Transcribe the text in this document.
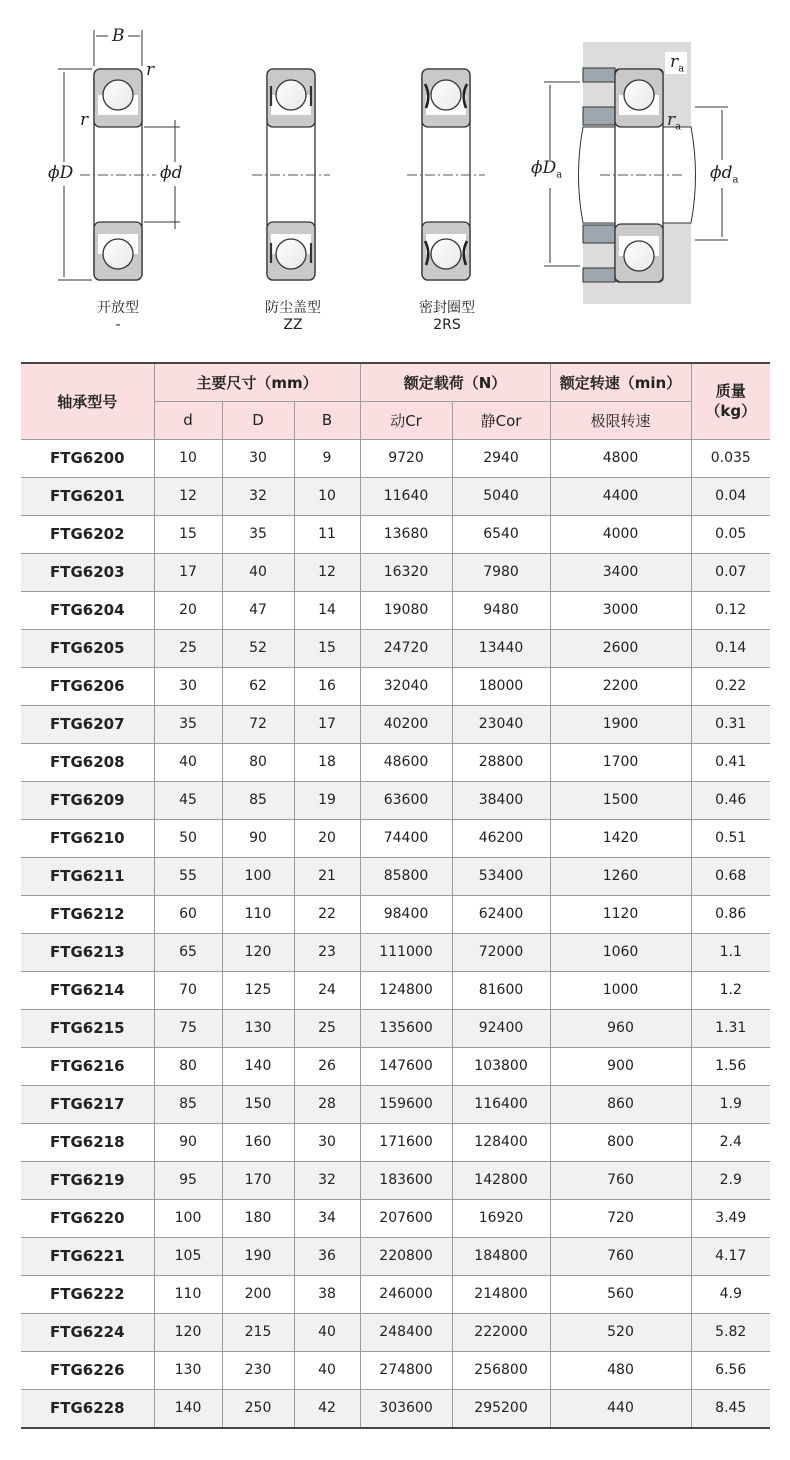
B
r
r
ϕD	ϕd
$r_a$
$r_a$
$\phi D_a$	$\phi d_a$
开放型
-
防尘盖型
ZZ
密封圈型
2RS
轴承型号	主要尺寸（mm）			额定载荷（N）		额定转速（min）	质量（kg）
	d	D	B	动Cr	静Cor	极限转速	
FTG6200	10	30	9	9720	2940	4800	0.035
FTG6201	12	32	10	11640	5040	4400	0.04
FTG6202	15	35	11	13680	6540	4000	0.05
FTG6203	17	40	12	16320	7980	3400	0.07
FTG6204	20	47	14	19080	9480	3000	0.12
FTG6205	25	52	15	24720	13440	2600	0.14
FTG6206	30	62	16	32040	18000	2200	0.22
FTG6207	35	72	17	40200	23040	1900	0.31
FTG6208	40	80	18	48600	28800	1700	0.41
FTG6209	45	85	19	63600	38400	1500	0.46
FTG6210	50	90	20	74400	46200	1420	0.51
FTG6211	55	100	21	85800	53400	1260	0.68
FTG6212	60	110	22	98400	62400	1120	0.86
FTG6213	65	120	23	111000	72000	1060	1.1
FTG6214	70	125	24	124800	81600	1000	1.2
FTG6215	75	130	25	135600	92400	960	1.31
FTG6216	80	140	26	147600	103800	900	1.56
FTG6217	85	150	28	159600	116400	860	1.9
FTG6218	90	160	30	171600	128400	800	2.4
FTG6219	95	170	32	183600	142800	760	2.9
FTG6220	100	180	34	207600	16920	720	3.49
FTG6221	105	190	36	220800	184800	760	4.17
FTG6222	110	200	38	246000	214800	560	4.9
FTG6224	120	215	40	248400	222000	520	5.82
FTG6226	130	230	40	274800	256800	480	6.56
FTG6228	140	250	42	303600	295200	440	8.45
